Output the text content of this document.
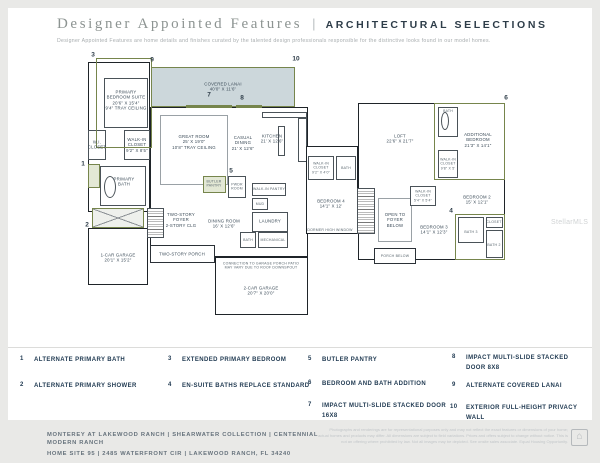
Designer Appointed Features | ARCHITECTURAL SELECTIONS
Designer Appointed Features are home details and finishes curated by the talented design professionals responsible for the distinctive looks found in our model homes.
PRIMARY
BEDROOM SUITE
20'6" X 15'4"
9'4" TRAY CEILING
COVERED LANAI
40'0" X 11'6"
GREAT ROOM
25' X 19'0"
10'8" TRAY CEILING
CASUAL
DINING
21' X 12'6"
KITCHEN
21' X 12'6"
W.I.
CLOSET
WALK-IN
CLOSET
9'2" X 8'5"
PRIMARY
BATH
TWO-STORY
FOYER
2-STORY CLG
DINING ROOM
16' X 12'6"
BUTLER
PANTRY	PWDR
ROOM	WALK-IN PANTRY
MUD
LAUNDRY
MECHANICAL
BATH
1-CAR GARAGE
20'1" X 15'2"
TWO-STORY PORCH
CONNECTION TO GARAGE PORCH PATIO
MAY VARY DUE TO ROOF DOWNSPOUT
2-CAR GARAGE
20'7" X 20'0"
3
9	10
7	8
5
1
2
LOFT
22'6" X 21'7"
ADDITIONAL
BEDROOM
21'3" X 14'1"
BATH
WALK-IN
CLOSET
9'8" X 5'
WALK-IN
CLOSET
9'2" X 4'0"
BATH
BEDROOM 4
14'1" X 12'
DORMER HIGH WINDOW
OPEN TO
FOYER
BELOW
PORCH BELOW
WALK-IN
CLOSET
5'4" X 5'4"
BEDROOM 3
14'1" X 12'3"
BEDROOM 2
15' X 12'1"
BATH 3
BATH 2
CLOSET
6
4
1 ALTERNATE PRIMARY BATH
2 ALTERNATE PRIMARY SHOWER
3 EXTENDED PRIMARY BEDROOM
4 EN-SUITE BATHS REPLACE STANDARD
5 BUTLER PANTRY
6 BEDROOM AND BATH ADDITION
7 IMPACT MULTI-SLIDE STACKED DOOR 16X8
8 IMPACT MULTI-SLIDE STACKED DOOR 8X8
9 ALTERNATE COVERED LANAI
10 EXTERIOR FULL-HEIGHT PRIVACY WALL
MONTEREY AT LAKEWOOD RANCH | SHEARWATER COLLECTION | CENTENNIAL MODERN RANCH
HOME SITE 95 | 2485 WATERFRONT CIR | LAKEWOOD RANCH, FL 34240
Photographs and renderings are for representational purposes only and may not reflect the exact features or dimensions of your home; actual homes and products may differ. All dimensions are subject to field variations. Prices and offers subject to change without notice. This is not an offering where prohibited by law. Not all images may be depicted. See onsite sales associate. Equal Housing Opportunity. ⌂
StellarMLS
